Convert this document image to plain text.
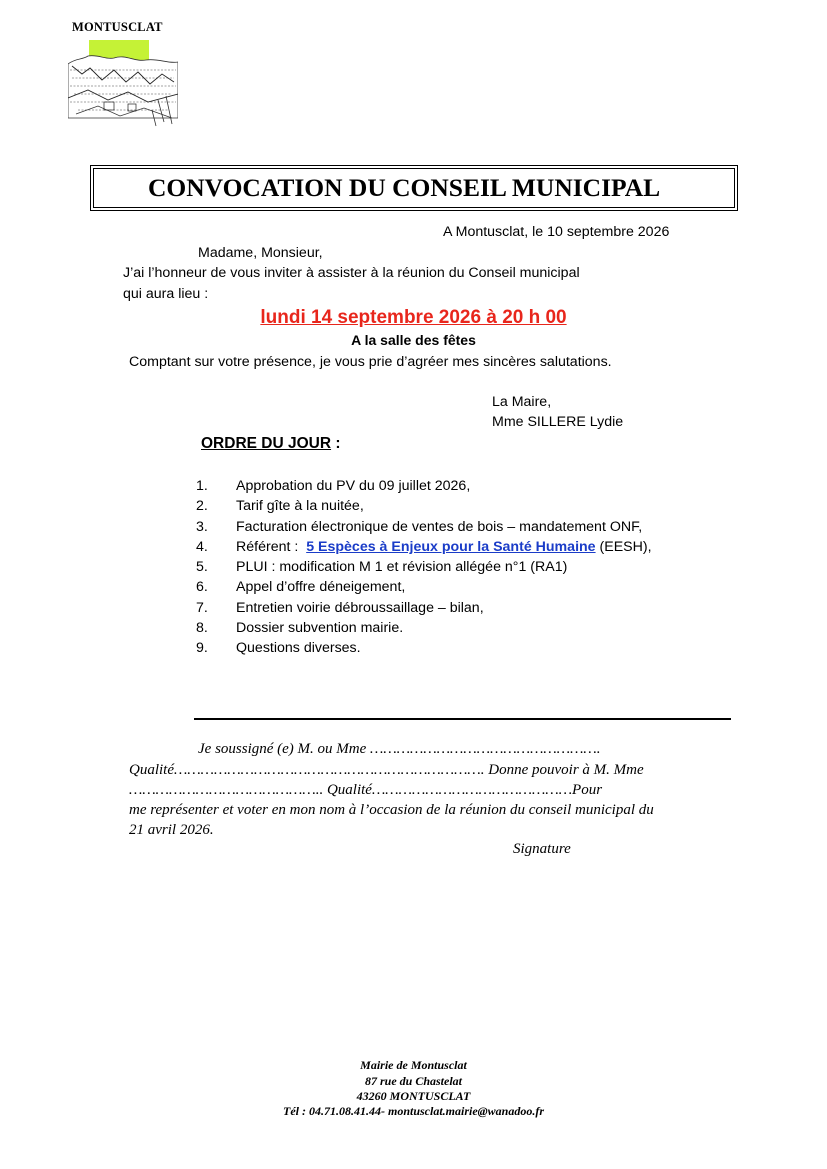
MONTUSCLAT
CONVOCATION DU CONSEIL MUNICIPAL
A Montusclat, le 10 septembre 2026
Madame, Monsieur,
J’ai l’honneur de vous inviter à assister à la réunion du Conseil municipal
qui aura lieu :
lundi 14 septembre 2026 à 20 h 00
A la salle des fêtes
Comptant sur votre présence, je vous prie d’agréer mes sincères salutations.
La Maire,
Mme SILLERE Lydie
ORDRE DU JOUR :
1. Approbation du PV du 09 juillet 2026,
2. Tarif gîte à la nuitée,
3. Facturation électronique de ventes de bois – mandatement ONF,
4. Référent :  5 Espèces à Enjeux pour la Santé Humaine (EESH),
5. PLUI : modification M 1 et révision allégée n°1 (RA1)
6. Appel d’offre déneigement,
7. Entretien voirie débroussaillage – bilan,
8. Dossier subvention mairie.
9. Questions diverses.
Je soussigné (e) M. ou Mme …………………………………………….
Qualité……………………………………………………………. Donne pouvoir à M. Mme
…………………………………….. Qualité………………………………………Pour
me représenter et voter en mon nom à l’occasion de la réunion du conseil municipal du
21 avril 2026.
Signature
Mairie de Montusclat
87 rue du Chastelat
43260 MONTUSCLAT
Tél : 04.71.08.41.44- montusclat.mairie@wanadoo.fr
